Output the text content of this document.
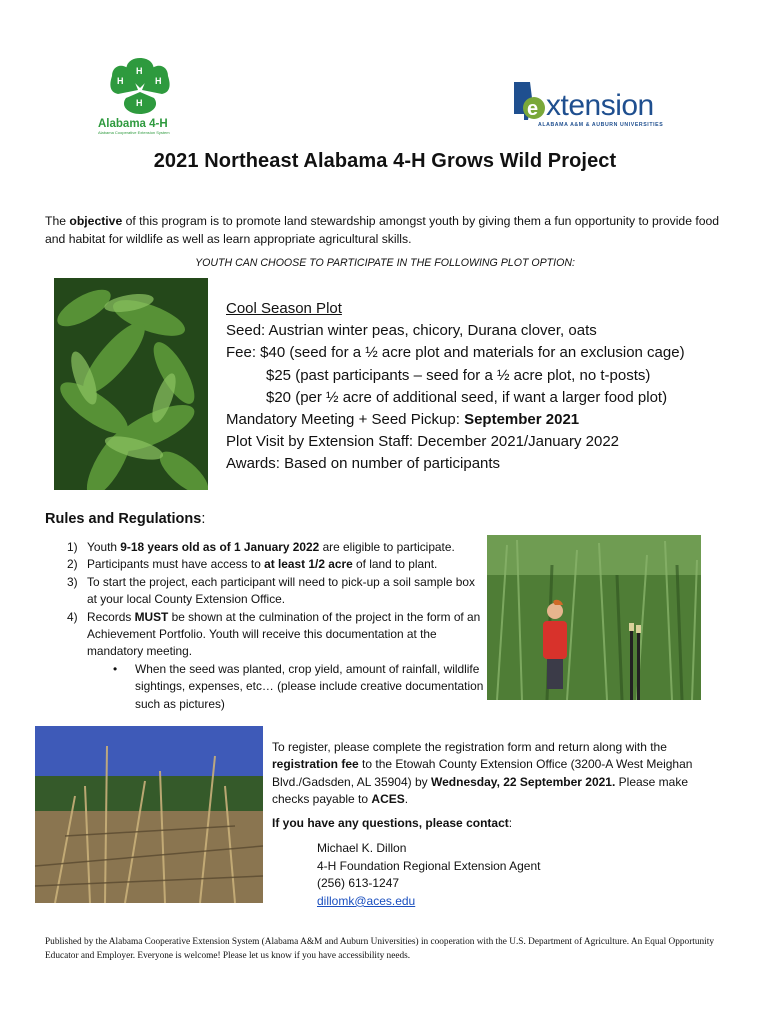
H
H	H
H
Alabama 4-H
Alabama Cooperative Extension System
e xtension
ALABAMA A&M & AUBURN UNIVERSITIES
2021 Northeast Alabama 4-H Grows Wild Project
The objective of this program is to promote land stewardship amongst youth by giving them a fun opportunity to provide food and habitat for wildlife as well as learn appropriate agricultural skills.
YOUTH CAN CHOOSE TO PARTICIPATE IN THE FOLLOWING PLOT OPTION:
Cool Season Plot
Seed: Austrian winter peas, chicory, Durana clover, oats
Fee: $40 (seed for a ½ acre plot and materials for an exclusion cage)
$25 (past participants – seed for a ½ acre plot, no t-posts)
$20 (per ½ acre of additional seed, if want a larger food plot)
Mandatory Meeting + Seed Pickup: September 2021
Plot Visit by Extension Staff: December 2021/January 2022
Awards: Based on number of participants
Rules and Regulations:
1) Youth 9-18 years old as of 1 January 2022 are eligible to participate.
2) Participants must have access to at least 1/2 acre of land to plant.
3) To start the project, each participant will need to pick-up a soil sample box at your local County Extension Office.
4) Records MUST be shown at the culmination of the project in the form of an Achievement Portfolio. Youth will receive this documentation at the mandatory meeting.
•	When the seed was planted, crop yield, amount of rainfall, wildlife sightings, expenses, etc… (please include creative documentation such as pictures)
To register, please complete the registration form and return along with the registration fee to the Etowah County Extension Office (3200-A West Meighan Blvd./Gadsden, AL 35904) by Wednesday, 22 September 2021. Please make checks payable to ACES.
If you have any questions, please contact:
Michael K. Dillon
4-H Foundation Regional Extension Agent
(256) 613-1247
dillomk@aces.edu
Published by the Alabama Cooperative Extension System (Alabama A&M and Auburn Universities) in cooperation with the U.S. Department of Agriculture. An Equal Opportunity Educator and Employer. Everyone is welcome! Please let us know if you have accessibility needs.
